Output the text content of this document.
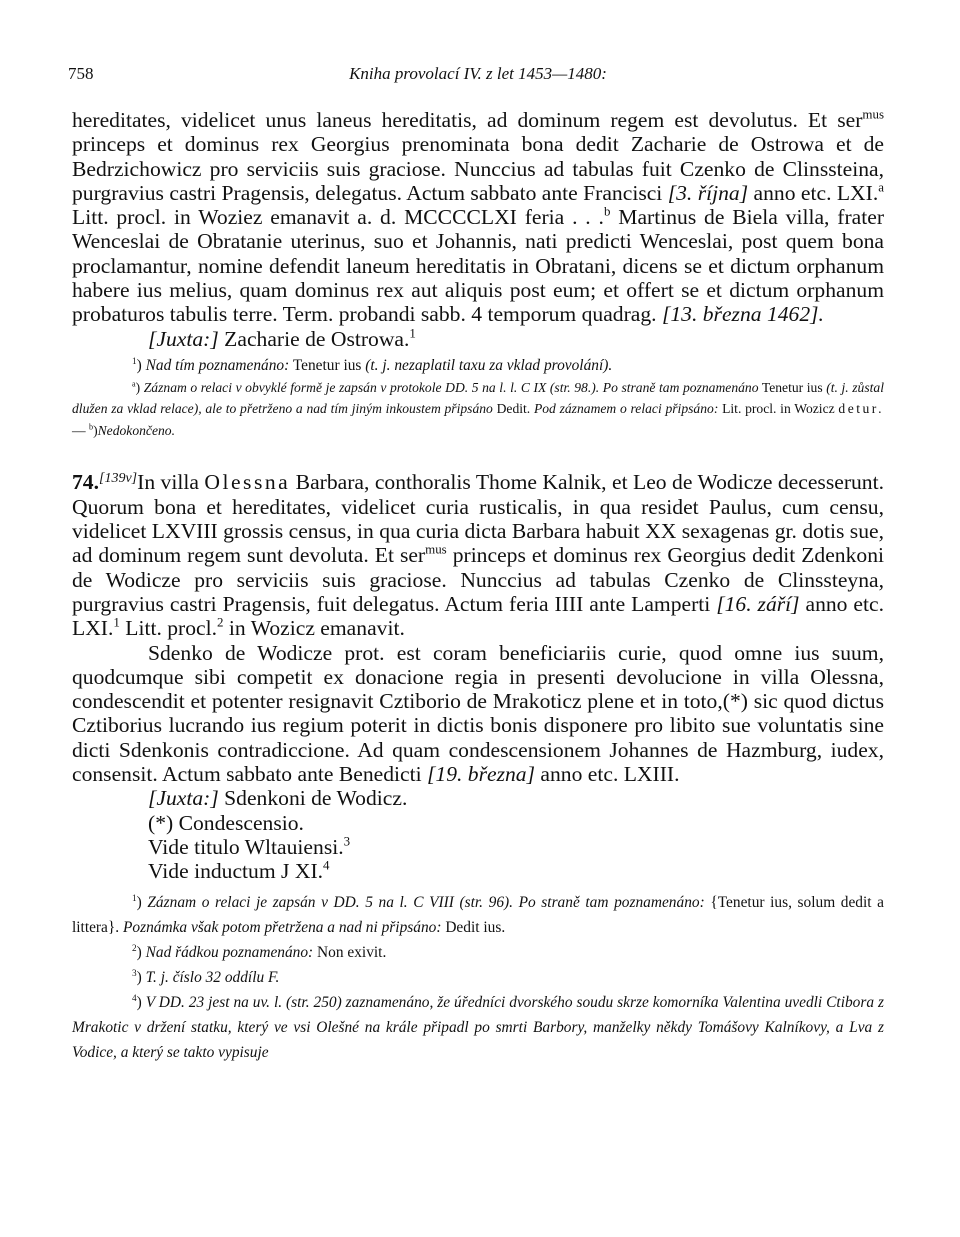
758	Kniha provolací IV. z let 1453—1480:

hereditates, videlicet unus laneus hereditatis, ad dominum regem est devolutus. Et ser$^{mus}$ princeps et dominus rex Georgius prenominata bona dedit Zacharie de Ostrowa et de Bedrzichowicz pro serviciis suis graciose. Nunccius ad tabulas fuit Czenko de Clinssteina, purgravius castri Pragensis, delegatus. Actum sabbato ante Francisci [3. října] anno etc. LXI.$^a$ Litt. procl. in Woziez emanavit a. d. MCCCCLXI feria . . .$^b$ Martinus de Biela villa, frater Wenceslai de Obratanie uterinus, suo et Johannis, nati predicti Wenceslai, post quem bona proclamantur, nomine defendit laneum hereditatis in Obratani, dicens se et dictum orphanum habere ius melius, quam dominus rex aut aliquis post eum; et offert se et dictum orphanum probaturos tabulis terre. Term. probandi sabb. 4 temporum quadrag. [13. března 1462].

[Juxta:] Zacharie de Ostrowa.$^1$

$^1$) Nad tím poznamenáno: Tenetur ius (t. j. nezaplatil taxu za vklad provolání).

$^a$) Záznam o relaci v obvyklé formě je zapsán v protokole DD. 5 na l. l. C IX (str. 98.). Po straně tam poznamenáno Tenetur ius (t. j. zůstal dlužen za vklad relace), ale to přetrženo a nad tím jiným inkoustem připsáno Dedit. Pod záznamem o relaci připsáno: Lit. procl. in Wozicz detur. — $^b$)Nedokončeno.

74.[139v]In villa Olessna Barbara, conthoralis Thome Kalnik, et Leo de Wodicze decesserunt. Quorum bona et hereditates, videlicet curia rusticalis, in qua residet Paulus, cum censu, videlicet LXVIII grossis census, in qua curia dicta Barbara habuit XX sexagenas gr. dotis sue, ad dominum regem sunt devoluta. Et ser$^{mus}$ princeps et dominus rex Georgius dedit Zdenkoni de Wodicze pro serviciis suis graciose. Nunccius ad tabulas Czenko de Clinssteyna, purgravius castri Pragensis, fuit delegatus. Actum feria IIII ante Lamperti [16. září] anno etc. LXI.$^1$ Litt. procl.$^2$ in Wozicz emanavit.

Sdenko de Wodicze prot. est coram beneficiariis curie, quod omne ius suum, quodcumque sibi competit ex donacione regia in presenti devolucione in villa Olessna, condescendit et potenter resignavit Cztiborio de Mrakoticz plene et in toto,(*) sic quod dictus Cztiborius lucrando ius regium poterit in dictis bonis disponere pro libito sue voluntatis sine dicti Sdenkonis contradiccione. Ad quam condescensionem Johannes de Hazmburg, iudex, consensit. Actum sabbato ante Benedicti [19. března] anno etc. LXIII.

[Juxta:] Sdenkoni de Wodicz.
(*) Condescensio.
Vide titulo Wltauiensi.$^3$
Vide inductum J XI.$^4$

$^1$) Záznam o relaci je zapsán v DD. 5 na l. C VIII (str. 96). Po straně tam poznamenáno: {Tenetur ius, solum dedit a littera}. Poznámka však potom přetržena a nad ni připsáno: Dedit ius.

$^2$) Nad řádkou poznamenáno: Non exivit.

$^3$) T. j. číslo 32 oddílu F.

$^4$) V DD. 23 jest na uv. l. (str. 250) zaznamenáno, že úředníci dvorského soudu skrze komorníka Valentina uvedli Ctibora z Mrakotic v držení statku, který ve vsi Olešné na krále připadl po smrti Barbory, manželky někdy Tomášovy Kalníkovy, a Lva z Vodice, a který se takto vypisuje
